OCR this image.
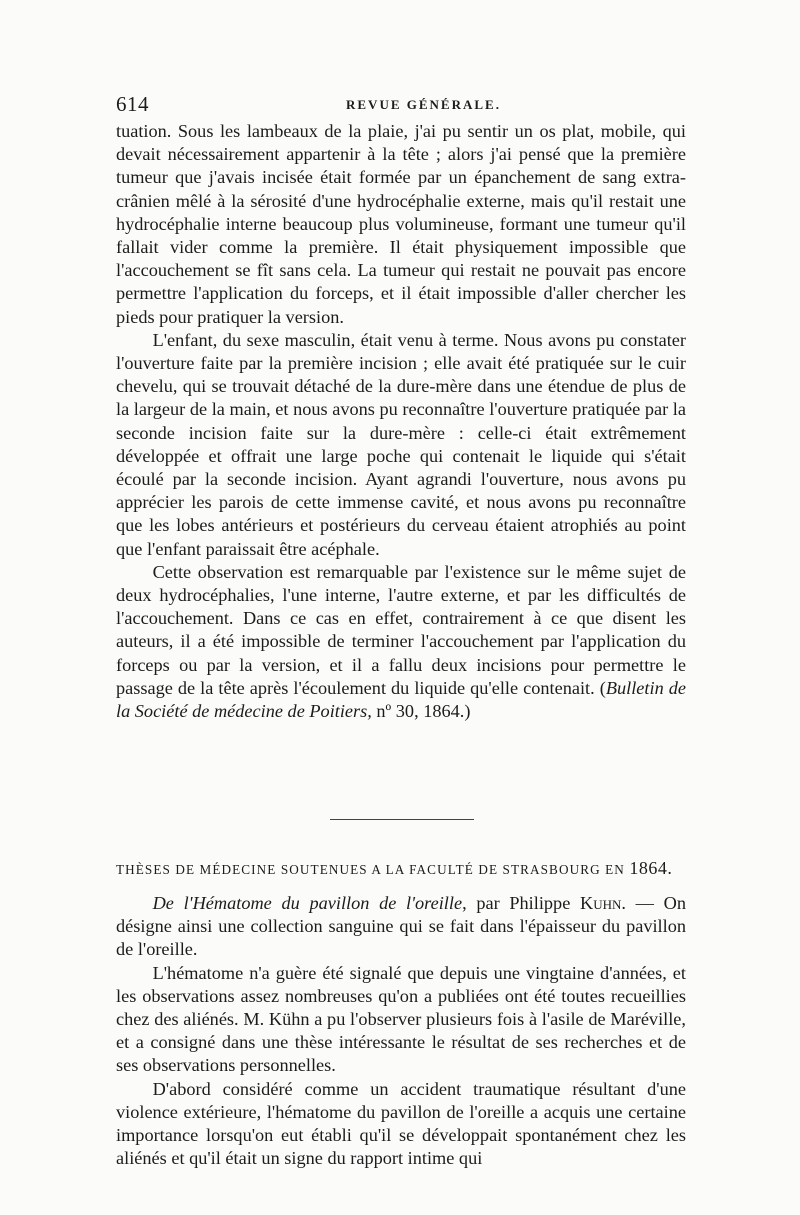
614	REVUE GÉNÉRALE.

tuation. Sous les lambeaux de la plaie, j'ai pu sentir un os plat, mobile, qui devait nécessairement appartenir à la tête ; alors j'ai pensé que la première tumeur que j'avais incisée était formée par un épanchement de sang extra-crânien mêlé à la sérosité d'une hydrocéphalie externe, mais qu'il restait une hydrocéphalie interne beaucoup plus volumineuse, formant une tumeur qu'il fallait vider comme la première. Il était physiquement impossible que l'accouchement se fît sans cela. La tumeur qui restait ne pouvait pas encore permettre l'application du forceps, et il était impossible d'aller chercher les pieds pour pratiquer la version.

L'enfant, du sexe masculin, était venu à terme. Nous avons pu constater l'ouverture faite par la première incision ; elle avait été pratiquée sur le cuir chevelu, qui se trouvait détaché de la dure-mère dans une étendue de plus de la largeur de la main, et nous avons pu reconnaître l'ouverture pratiquée par la seconde incision faite sur la dure-mère : celle-ci était extrêmement développée et offrait une large poche qui contenait le liquide qui s'était écoulé par la seconde incision. Ayant agrandi l'ouverture, nous avons pu apprécier les parois de cette immense cavité, et nous avons pu reconnaître que les lobes antérieurs et postérieurs du cerveau étaient atrophiés au point que l'enfant paraissait être acéphale.

Cette observation est remarquable par l'existence sur le même sujet de deux hydrocéphalies, l'une interne, l'autre externe, et par les difficultés de l'accouchement. Dans ce cas en effet, contrairement à ce que disent les auteurs, il a été impossible de terminer l'accouchement par l'application du forceps ou par la version, et il a fallu deux incisions pour permettre le passage de la tête après l'écoulement du liquide qu'elle contenait. (Bulletin de la Société de médecine de Poitiers, nº 30, 1864.)

THÈSES DE MÉDECINE SOUTENUES A LA FACULTÉ DE STRASBOURG EN 1864.

De l'Hématome du pavillon de l'oreille, par Philippe Kuhn. — On désigne ainsi une collection sanguine qui se fait dans l'épaisseur du pavillon de l'oreille.

L'hématome n'a guère été signalé que depuis une vingtaine d'années, et les observations assez nombreuses qu'on a publiées ont été toutes recueillies chez des aliénés. M. Kühn a pu l'observer plusieurs fois à l'asile de Maréville, et a consigné dans une thèse intéressante le résultat de ses recherches et de ses observations personnelles.

D'abord considéré comme un accident traumatique résultant d'une violence extérieure, l'hématome du pavillon de l'oreille a acquis une certaine importance lorsqu'on eut établi qu'il se développait spontanément chez les aliénés et qu'il était un signe du rapport intime qui
